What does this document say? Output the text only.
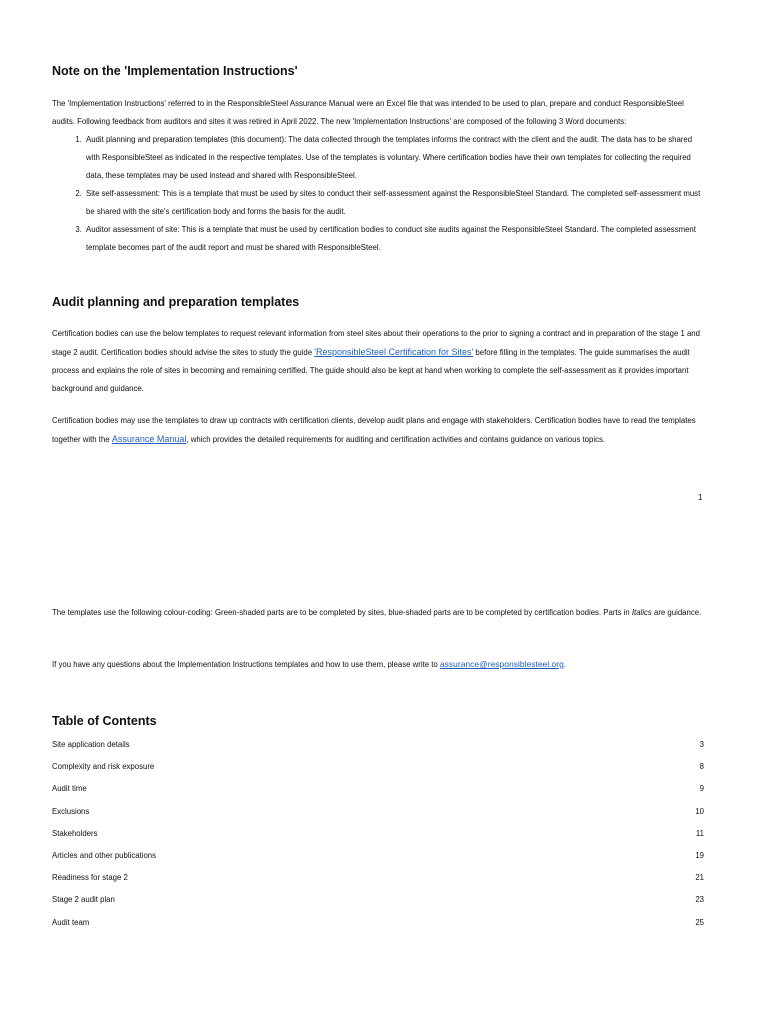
Note on the 'Implementation Instructions'

The 'Implementation Instructions' referred to in the ResponsibleSteel Assurance Manual were an Excel file that was intended to be used to plan, prepare and conduct ResponsibleSteel audits. Following feedback from auditors and sites it was retired in April 2022. The new 'Implementation Instructions' are composed of the following 3 Word documents:

1. Audit planning and preparation templates (this document): The data collected through the templates informs the contract with the client and the audit. The data has to be shared with ResponsibleSteel as indicated in the respective templates. Use of the templates is voluntary. Where certification bodies have their own templates for collecting the required data, these templates may be used instead and shared with ResponsibleSteel.
2. Site self-assessment: This is a template that must be used by sites to conduct their self-assessment against the ResponsibleSteel Standard. The completed self-assessment must be shared with the site's certification body and forms the basis for the audit.
3. Auditor assessment of site: This is a template that must be used by certification bodies to conduct site audits against the ResponsibleSteel Standard. The completed assessment template becomes part of the audit report and must be shared with ResponsibleSteel.
Audit planning and preparation templates

Certification bodies can use the below templates to request relevant information from steel sites about their operations to the prior to signing a contract and in preparation of the stage 1 and stage 2 audit. Certification bodies should advise the sites to study the guide 'ResponsibleSteel Certification for Sites' before filling in the templates. The guide summarises the audit process and explains the role of sites in becoming and remaining certified. The guide should also be kept at hand when working to complete the self-assessment as it provides important background and guidance.

Certification bodies may use the templates to draw up contracts with certification clients, develop audit plans and engage with stakeholders. Certification bodies have to read the templates together with the Assurance Manual, which provides the detailed requirements for auditing and certification activities and contains guidance on various topics.

1

The templates use the following colour-coding: Green-shaded parts are to be completed by sites, blue-shaded parts are to be completed by certification bodies. Parts in Italics are guidance.

If you have any questions about the Implementation Instructions templates and how to use them, please write to assurance@responsiblesteel.org.

Table of Contents
Site application details	3
Complexity and risk exposure	8
Audit time	9
Exclusions	10
Stakeholders	11
Articles and other publications	19
Readiness for stage 2	21
Stage 2 audit plan	23
Audit team	25
